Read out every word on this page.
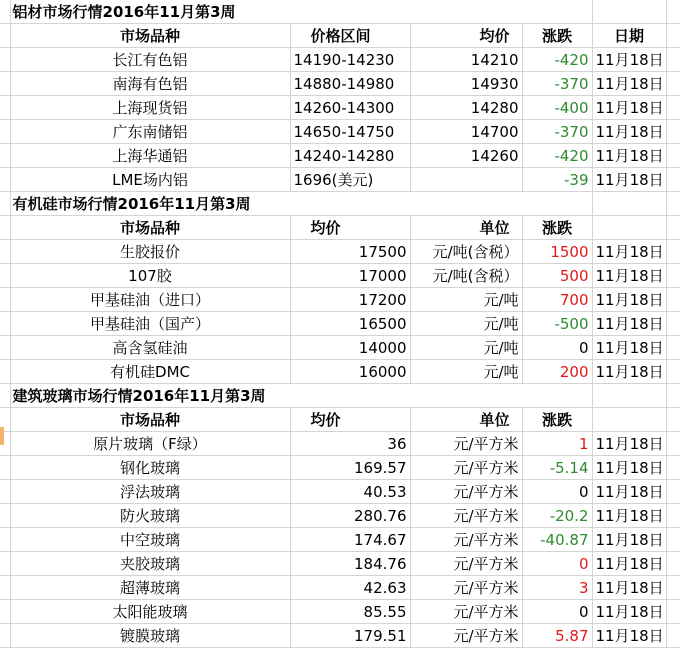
	铝材市场行情2016年11月第3周					
	市场品种	价格区间	均价	涨跌	日期	
	长江有色铝	14190-14230	14210	-420	11月18日	
	南海有色铝	14880-14980	14930	-370	11月18日	
	上海现货铝	14260-14300	14280	-400	11月18日	
	广东南储铝	14650-14750	14700	-370	11月18日	
	上海华通铝	14240-14280	14260	-420	11月18日	
	LME场内铝	1696(美元)		-39	11月18日	
	有机硅市场行情2016年11月第3周					
	市场品种	均价	单位	涨跌		
	生胶报价	17500	元/吨(含税）	1500	11月18日	
	107胶	17000	元/吨(含税）	500	11月18日	
	甲基硅油（进口）	17200	元/吨	700	11月18日	
	甲基硅油（国产）	16500	元/吨	-500	11月18日	
	高含氢硅油	14000	元/吨	0	11月18日	
	有机硅DMC	16000	元/吨	200	11月18日	
	建筑玻璃市场行情2016年11月第3周					
	市场品种	均价	单位	涨跌		
	原片玻璃（F绿）	36	元/平方米	1	11月18日	
	钢化玻璃	169.57	元/平方米	-5.14	11月18日	
	浮法玻璃	40.53	元/平方米	0	11月18日	
	防火玻璃	280.76	元/平方米	-20.2	11月18日	
	中空玻璃	174.67	元/平方米	-40.87	11月18日	
	夹胶玻璃	184.76	元/平方米	0	11月18日	
	超薄玻璃	42.63	元/平方米	3	11月18日	
	太阳能玻璃	85.55	元/平方米	0	11月18日	
	镀膜玻璃	179.51	元/平方米	5.87	11月18日	
